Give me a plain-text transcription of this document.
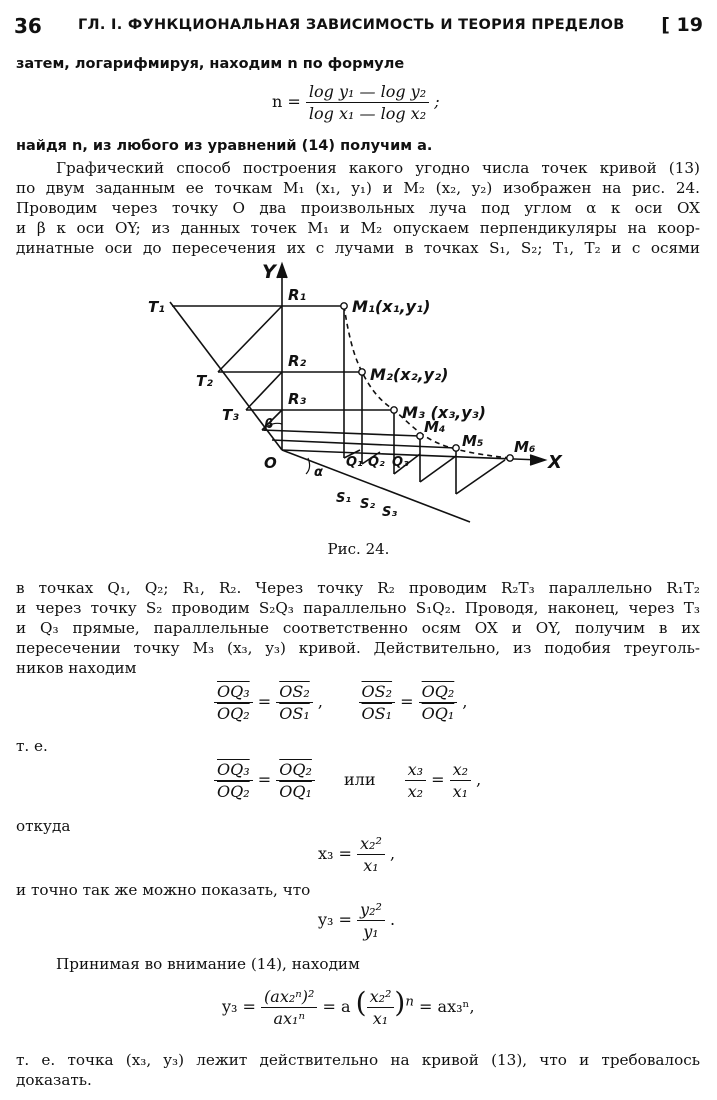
36 ГЛ. I. ФУНКЦИОНАЛЬНАЯ ЗАВИСИМОСТЬ И ТЕОРИЯ ПРЕДЕЛОВ [ 19
затем, логарифмируя, находим n по формуле
$n = \frac{\text{log y₁ — log y₂}}{\text{log x₁ — log x₂}}$ ;
найдя n, из любого из уравнений (14) получим a.
Графический способ построения какого угодно числа точек кривой (13)
по двум заданным ее точкам M₁ (x₁, y₁) и M₂ (x₂, y₂) изображен на рис. 24.
Проводим через точку O два произвольных луча под углом α к оси OX
и β к оси OY; из данных точек M₁ и M₂ опускаем перпендикуляры на коор-
динатные оси до пересечения их с лучами в точках S₁, S₂; T₁, T₂ и с осями
Y
X
O
α
β
T₁
T₂
T₃
R₁
R₂
R₃
M₁(x₁,y₁)
M₂(x₂,y₂)
M₃ (x₃,y₃)
M₄
M₅ M₆
Q₁ Q₂ Q₃
S₁ S₂
S₃
Рис. 24.
в точках Q₁, Q₂; R₁, R₂. Через точку R₂ проводим R₂T₃ параллельно R₁T₂
и через точку S₂ проводим S₂Q₃ параллельно S₁Q₂. Проводя, наконец, через T₃
и Q₃ прямые, параллельные соответственно осям OX и OY, получим в их
пересечении точку M₃ (x₃, y₃) кривой. Действительно, из подобия треуголь-
ников находим
$\frac{\text{OQ₃}}{\text{OQ₂}} = \frac{\text{OS₂}}{\text{OS₁}}$ , $\frac{\text{OS₂}}{\text{OS₁}} = \frac{\text{OQ₂}}{\text{OQ₁}}$ ,
т. е.
$\frac{\text{OQ₃}}{\text{OQ₂}} = \frac{\text{OQ₂}}{\text{OQ₁}}$ или $\frac{\text{x₃}}{\text{x₂}} = \frac{\text{x₂}}{\text{x₁}}$ ,
откуда
$x_3 = \frac{\text{x₂²}}{\text{x₁}}$ ,
и точно так же можно показать, что
$y_3 = \frac{\text{y₂²}}{\text{y₁}}$ .
Принимая во внимание (14), находим
$y_3 = \frac{\text{(ax₂ⁿ)²}}{\text{ax₁ⁿ}} = a$ ( $\frac{\text{x₂²}}{\text{x₁}} )^n = ax_3^n$,
т. е. точка (x₃, y₃) лежит действительно на кривой (13), что и требовалось
доказать.
